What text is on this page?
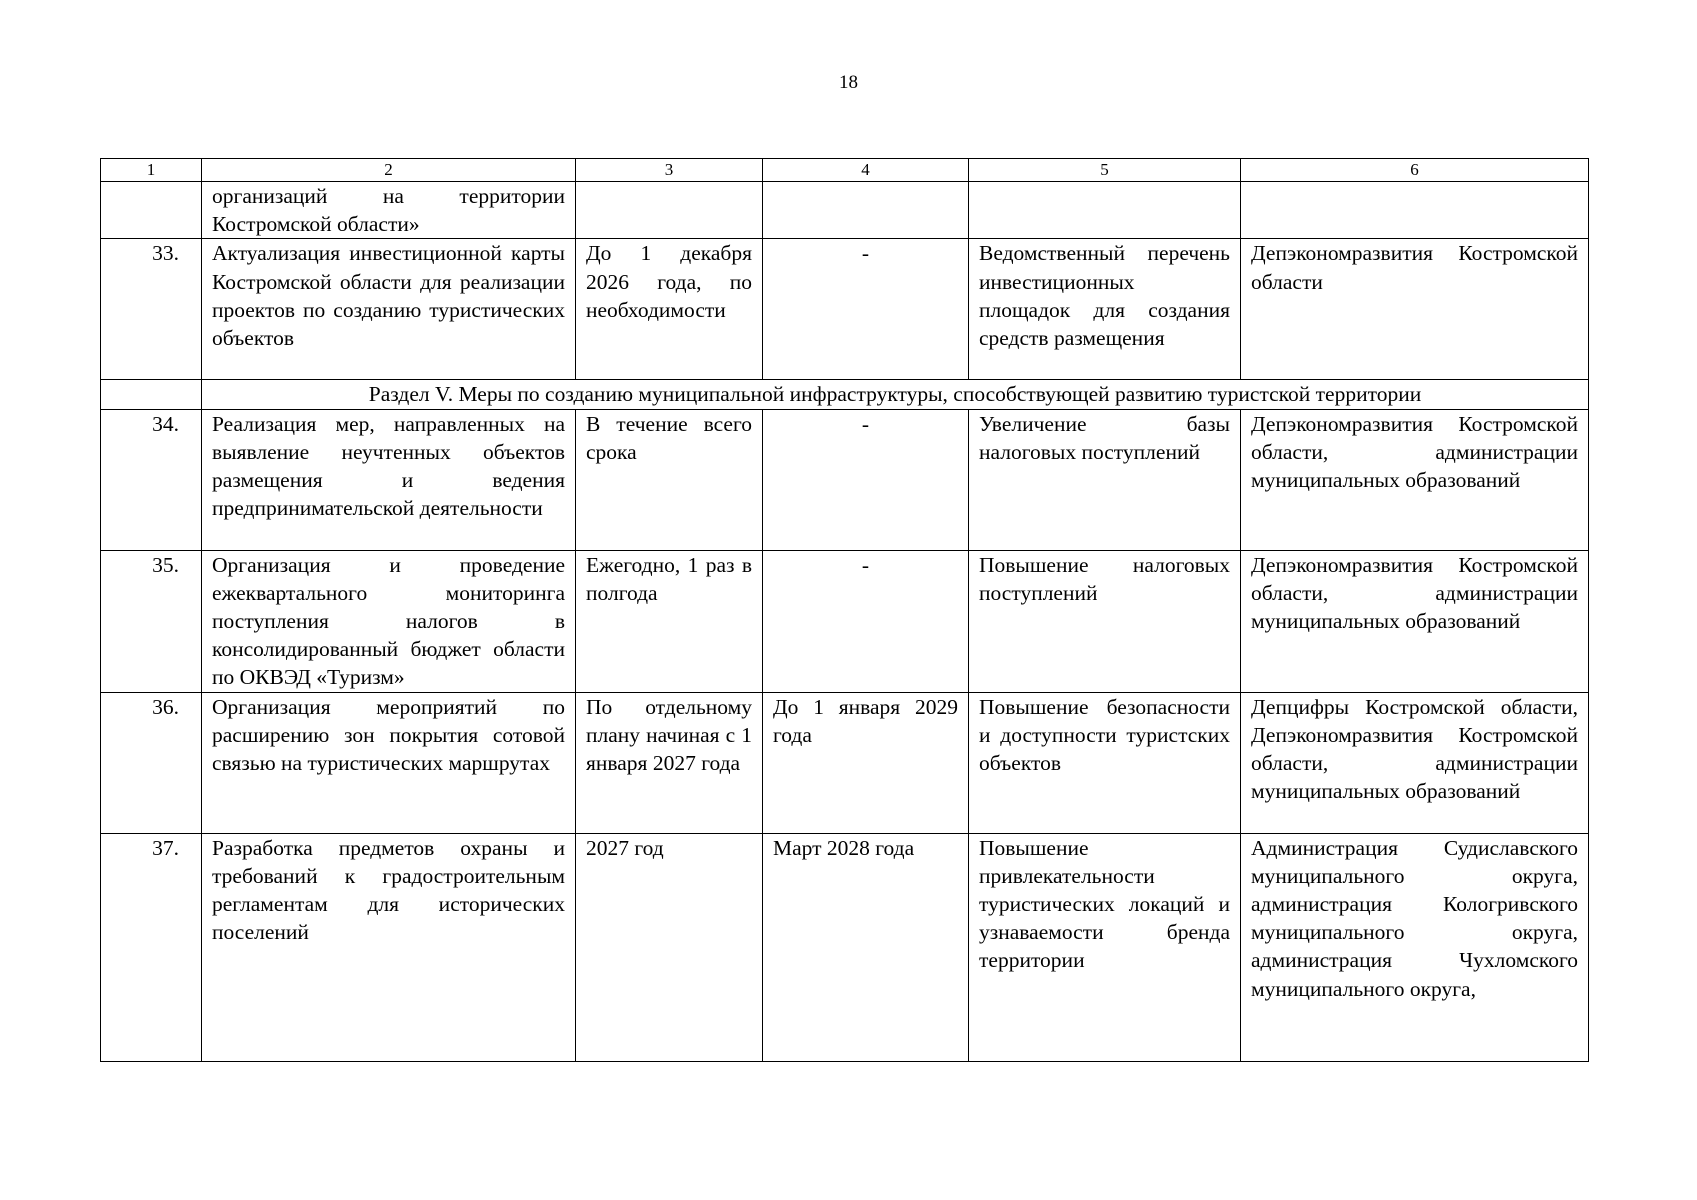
18
1	2	3	4	5	6
	организаций на территории Костромской области»				
33.	Актуализация инвестиционной карты Костромской области для реализации проектов по созданию туристических объектов	До 1 декабря 2026 года, по необходимости	-	Ведомственный перечень инвестиционных площадок для создания средств размещения	Депэкономразвития Костромской области
	Раздел V. Меры по созданию муниципальной инфраструктуры, способствующей развитию туристской территории				
34.	Реализация мер, направленных на выявление неучтенных объектов размещения и ведения предпринимательской деятельности	В течение всего срока	-	Увеличение базы налоговых поступлений	Депэкономразвития Костромской области, администрации муниципальных образований
35.	Организация и проведение ежеквартального мониторинга поступления налогов в консолидированный бюджет области по ОКВЭД «Туризм»	Ежегодно, 1 раз в полгода	-	Повышение налоговых поступлений	Депэкономразвития Костромской области, администрации муниципальных образований
36.	Организация мероприятий по расширению зон покрытия сотовой связью на туристических маршрутах	По отдельному плану начиная с 1 января 2027 года	До 1 января 2029 года	Повышение безопасности и доступности туристских объектов	Депцифры Костромской области, Депэкономразвития Костромской области, администрации муниципальных образований
37.	Разработка предметов охраны и требований к градостроительным регламентам для исторических поселений	2027 год	Март 2028 года	Повышение привлекательности туристических локаций и узнаваемости бренда территории	Администрация Судиславского муниципального округа, администрация Кологривского муниципального округа, администрация Чухломского муниципального округа,
